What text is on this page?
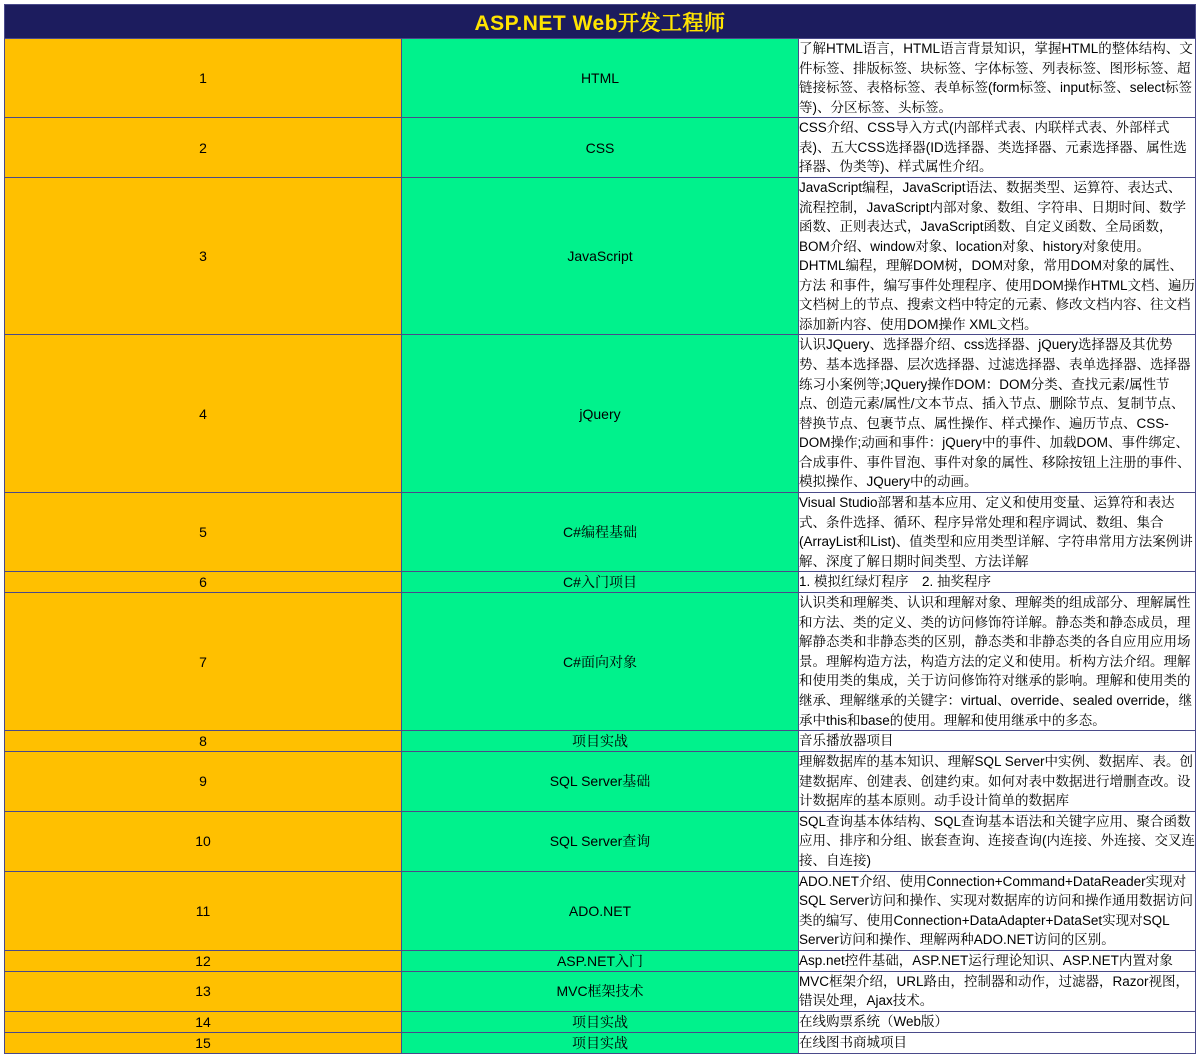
ASP.NET Web开发工程师		
1	HTML	了解HTML语言，HTML语言背景知识，掌握HTML的整体结构、文件标签、排版标签、块标签、字体标签、列表标签、图形标签、超链接标签、表格标签、表单标签(form标签、input标签、select标签等)、分区标签、头标签。
2	CSS	CSS介绍、CSS导入方式(内部样式表、内联样式表、外部样式表)、五大CSS选择器(ID选择器、类选择器、元素选择器、属性选择器、伪类等)、样式属性介绍。
3	JavaScript	JavaScript编程，JavaScript语法、数据类型、运算符、表达式、流程控制，JavaScript内部对象、数组、字符串、日期时间、数学函数、正则表达式，JavaScript函数、自定义函数、全局函数，BOM介绍、window对象、location对象、history对象使用。DHTML编程，理解DOM树，DOM对象，常用DOM对象的属性、方法 和事件，编写事件处理程序、使用DOM操作HTML文档、遍历文档树上的节点、搜索文档中特定的元素、修改文档内容、往文档添加新内容、使用DOM操作 XML文档。
4	jQuery	认识JQuery、选择器介绍、css选择器、jQuery选择器及其优势势、基本选择器、层次选择器、过滤选择器、表单选择器、选择器练习小案例等;JQuery操作DOM：DOM分类、查找元素/属性节点、创造元素/属性/文本节点、插入节点、删除节点、复制节点、替换节点、包裹节点、属性操作、样式操作、遍历节点、CSS-DOM操作;动画和事件：jQuery中的事件、加载DOM、事件绑定、合成事件、事件冒泡、事件对象的属性、移除按钮上注册的事件、模拟操作、JQuery中的动画。
5	C#编程基础	Visual Studio部署和基本应用、定义和使用变量、运算符和表达式、条件选择、循环、程序异常处理和程序调试、数组、集合(ArrayList和List)、值类型和应用类型详解、字符串常用方法案例讲解、深度了解日期时间类型、方法详解
6	C#入门项目	1. 模拟红绿灯程序　2. 抽奖程序
7	C#面向对象	认识类和理解类、认识和理解对象、理解类的组成部分、理解属性和方法、类的定义、类的访问修饰符详解。静态类和静态成员，理解静态类和非静态类的区别，静态类和非静态类的各自应用应用场景。理解构造方法，构造方法的定义和使用。析构方法介绍。理解和使用类的集成，关于访问修饰符对继承的影响。理解和使用类的继承、理解继承的关键字：virtual、override、sealed override，继承中this和base的使用。理解和使用继承中的多态。
8	项目实战	音乐播放器项目
9	SQL Server基础	理解数据库的基本知识、理解SQL Server中实例、数据库、表。创建数据库、创建表、创建约束。如何对表中数据进行增删查改。设计数据库的基本原则。动手设计简单的数据库
10	SQL Server查询	SQL查询基本体结构、SQL查询基本语法和关键字应用、聚合函数应用、排序和分组、嵌套查询、连接查询(内连接、外连接、交叉连接、自连接)
11	ADO.NET	ADO.NET介绍、使用Connection+Command+DataReader实现对SQL Server访问和操作、实现对数据库的访问和操作通用数据访问类的编写、使用Connection+DataAdapter+DataSet实现对SQL Server访问和操作、理解两种ADO.NET访问的区别。
12	ASP.NET入门	Asp.net控件基础，ASP.NET运行理论知识、ASP.NET内置对象
13	MVC框架技术	MVC框架介绍，URL路由，控制器和动作，过滤器，Razor视图，错误处理，Ajax技术。
14	项目实战	在线购票系统（Web版）
15	项目实战	在线图书商城项目
